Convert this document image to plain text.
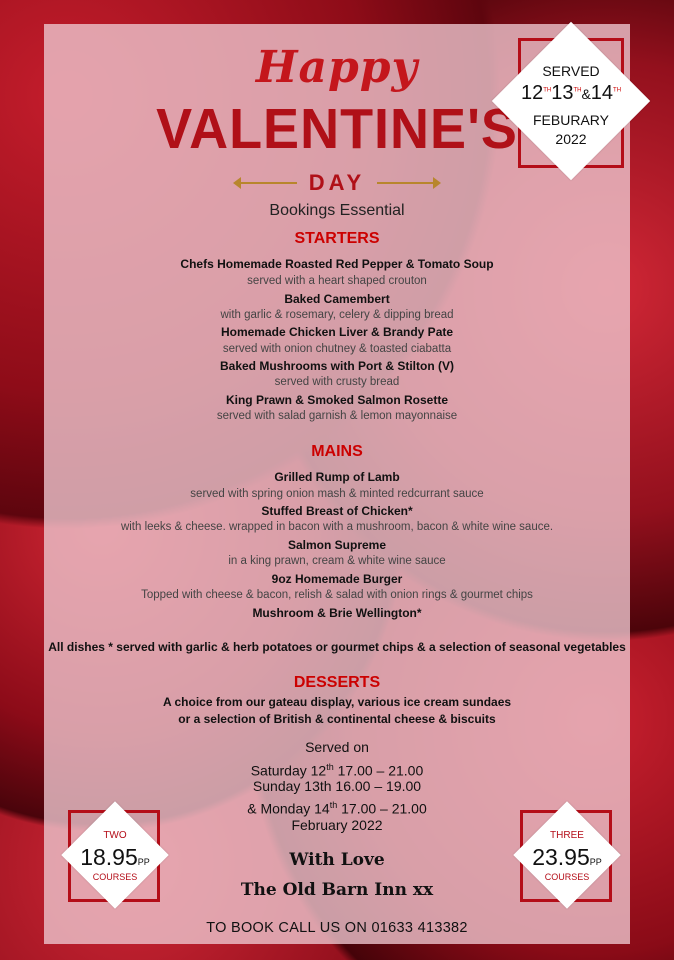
Happy
VALENTINE'S
DAY
Bookings Essential
SERVED
12TH13TH&14TH
FEBURARY
2022
STARTERS
Chefs Homemade Roasted Red Pepper & Tomato Soup
served with a heart shaped crouton
Baked Camembert
with garlic & rosemary, celery & dipping bread
Homemade Chicken Liver & Brandy Pate
served with onion chutney & toasted ciabatta
Baked Mushrooms with Port & Stilton (V)
served with crusty bread
King Prawn & Smoked Salmon Rosette
served with salad garnish & lemon mayonnaise
MAINS
Grilled Rump of Lamb
served with spring onion mash & minted redcurrant sauce
Stuffed Breast of Chicken*
with leeks & cheese. wrapped in bacon with a mushroom, bacon & white wine sauce.
Salmon Supreme
in a king prawn, cream & white wine sauce
9oz Homemade Burger
Topped with cheese & bacon, relish & salad with onion rings & gourmet chips
Mushroom & Brie Wellington*
All dishes * served with garlic & herb potatoes or gourmet chips & a selection of seasonal vegetables
DESSERTS
A choice from our gateau display, various ice cream sundaes
or a selection of British & continental cheese & biscuits
Served on
Saturday 12th 17.00 – 21.00
Sunday 13th 16.00 – 19.00
& Monday 14th 17.00 – 21.00
February 2022
With Love
The Old Barn Inn xx
TO BOOK CALL US ON 01633 413382
TWO
18.95PP
COURSES
THREE
23.95PP
COURSES
